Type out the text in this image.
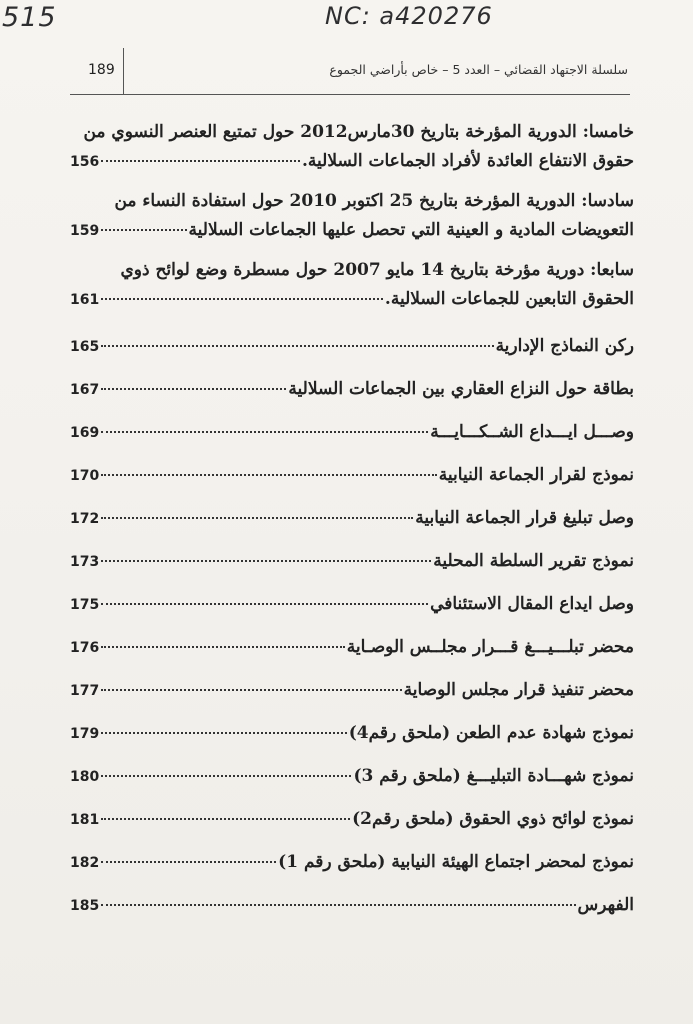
515	NC: a420276
189	سلسلة الاجتهاد القضائي – العدد 5 – خاص بأراضي الجموع
خامسا: الدورية المؤرخة بتاريخ 30مارس2012 حول تمتيع العنصر النسوي من
حقوق الانتفاع العائدة لأفراد الجماعات السلالية.
156
سادسا: الدورية المؤرخة بتاريخ 25 اكتوبر 2010 حول استفادة النساء من
التعويضات المادية و العينية التي تحصل عليها الجماعات السلالية
159
سابعا: دورية مؤرخة بتاريخ 14 مايو 2007 حول مسطرة وضع لوائح ذوي
الحقوق التابعين للجماعات السلالية.
161
ركن النماذج الإدارية
165
بطاقة حول النزاع العقاري بين الجماعات السلالية
167
وصـــل ايـــداع الشــكـــايـــة
169
نموذج لقرار الجماعة النيابية
170
وصل تبليغ قرار الجماعة النيابية
172
نموذج تقرير السلطة المحلية
173
وصل ايداع المقال الاستئنافي
175
محضر تبلـــيـــغ قـــرار مجلــس الوصـاية
176
محضر تنفيذ قرار مجلس الوصاية
177
نموذج شهادة عدم الطعن (ملحق رقم4)
179
نموذج شهـــادة التبليـــغ (ملحق رقم 3)
180
نموذج لوائح ذوي الحقوق (ملحق رقم2)
181
نموذج لمحضر اجتماع الهيئة النيابية (ملحق رقم 1)
182
الفهرس
185
